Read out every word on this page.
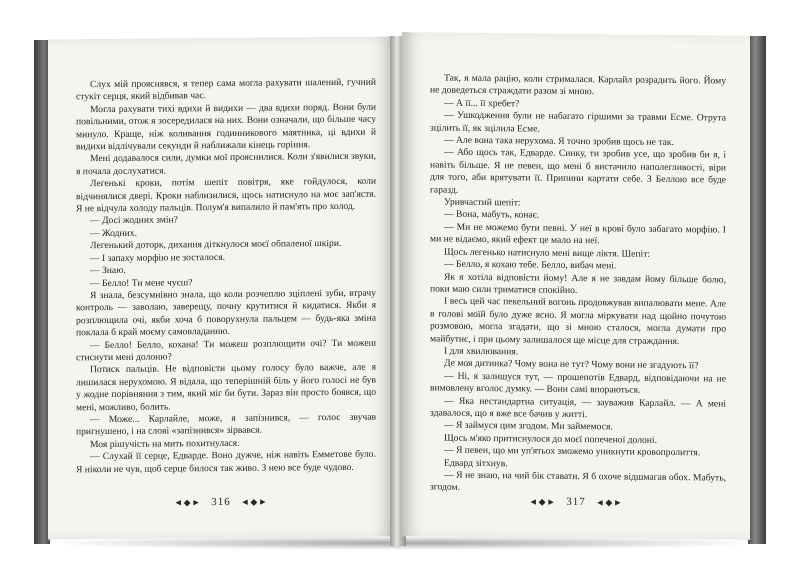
Слух мій прояснявся, я тепер сама могла рахувати шалений, гучний стукіт серця, який відбивав час.

Могла рахувати тихі вдихи й видихи — два вдихи поряд. Вони були повільними, отож я зосередилася на них. Вони означали, що більше часу минуло. Краще, ніж коливання годинникового маятника, ці вдихи й видихи відлічували секунди й наближали кінець горіння.

Мені додавалося сили, думки мої прояснилися. Коли з'явилися звуки, я почала дослухатися.

Легенькі кроки, потім шепіт повітря, яке гойдулося, коли відчинялися двері. Кроки наблизилися, щось натиснуло на моє зап'ястя. Я не відчула холоду пальців. Полум'я випалило й пам'ять про холод.

— Досі жодних змін?

— Жодних.

Легенький доторк, дихання діткнулося моєї обпаленої шкіри.

— І запаху морфію не зосталося.

— Знаю.

— Белло! Ти мене чуєш?

Я знала, безсумнівно знала, що коли розчеплю зціплені зуби, втрачу контроль — заволаю, заверещу, почну крутитися й кидатися. Якби я розплющила очі, якби хоча б поворухнула пальцем — будь-яка зміна поклала б край моєму самовладанню.

— Белло! Белло, кохана! Ти можеш розплющити очі? Ти можеш стиснути мені долоню?

Потиск пальців. Не відповісти цьому голосу було важче, але я лишилася нерухомою. Я відала, що теперішній біль у його голосі не був у жодне порівняння з тим, який міг би бути. Зараз він просто боявся, що мені, можливо, болить.

— Може... Карлайле, може, я запізнився, — голос звучав пригнушено, і на слові «запізнився» зірвався.

Моя рішучість на мить похитнулася.

— Слухай її серце, Едварде. Воно дужче, ніж навіть Емметове було. Я ніколи не чув, щоб серце билося так живо. З нею все буде чудово.

◄◆► 316 ◄◆►

Так, я мала рацію, коли стрималася. Карлайл розрадить його. Йому не доведеться страждати разом зі мною.

— А її... її хребет?

— Ушкодження були не набагато гіршими за травми Есме. Отрута зцілить її, як зцілила Есме.

— Але вона така нерухома. Я точно зробив щось не так.

— Або щось так, Едварде. Синку, ти зробив усе, що зробив би я, і навіть більше. Я не певен, що мені б вистачило наполегливості, віри для того, аби врятувати її. Припини картати себе. З Беллою все буде гаразд.

Уривчастий шепіт:

— Вона, мабуть, конає.

— Ми не можемо бути певні. У неї в крові було забагато морфію. І ми не відаємо, який ефект це мало на неї.

Щось легенько натиснуло мені вище ліктя. Шепіт:

— Белло, я кохаю тебе. Белло, вибач мені.

Як я хотіла відповісти йому! Але я не завдам йому більше болю, поки маю сили триматися спокійно.

І весь цей час пекельний вогонь продовжував випалювати мене. Але в голові моїй було дуже ясно. Я могла міркувати над щойно почутою розмовою, могла згадати, що зі мною сталося, могла думати про майбутнє, і при цьому залишалося ще місце для страждання.

І для хвилювання.

Де моя дитинка? Чому вона не тут? Чому вони не згадують її?

— Ні, я залишуся тут, — прошепотів Едвард, відповідаючи на не вимовлену вголос думку. — Вони самі впораються.

— Яка нестандартна ситуація, — зауважив Карлайл. — А мені здавалося, що я вже все бачив у житті.

— Я займуся цим згодом. Ми займемося.

Щось м'яко притиснулося до моєї попеченої долоні.

— Я певен, що ми уп'ятьох зможемо уникнути кровопролиття.

Едвард зітхнув.

— Я не знаю, на чий бік ставати. Я б охоче відшмагав обох. Мабуть, згодом.

◄◆► 317 ◄◆►
